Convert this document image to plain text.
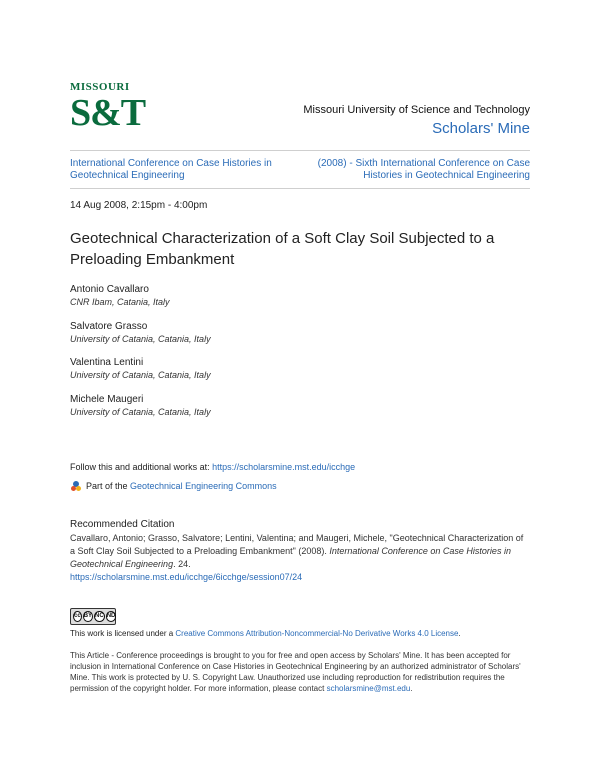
MISSOURI
S&T	Missouri University of Science and Technology
Scholars' Mine
International Conference on Case Histories in Geotechnical Engineering
(2008) - Sixth International Conference on Case Histories in Geotechnical Engineering
14 Aug 2008, 2:15pm - 4:00pm
Geotechnical Characterization of a Soft Clay Soil Subjected to a Preloading Embankment
Antonio Cavallaro
CNR Ibam, Catania, Italy
Salvatore Grasso
University of Catania, Catania, Italy
Valentina Lentini
University of Catania, Catania, Italy
Michele Maugeri
University of Catania, Catania, Italy
Follow this and additional works at: https://scholarsmine.mst.edu/icchge
Part of the Geotechnical Engineering Commons
Recommended Citation
Cavallaro, Antonio; Grasso, Salvatore; Lentini, Valentina; and Maugeri, Michele, "Geotechnical Characterization of a Soft Clay Soil Subjected to a Preloading Embankment" (2008). International Conference on Case Histories in Geotechnical Engineering. 24.
https://scholarsmine.mst.edu/icchge/6icchge/session07/24
cc BY NC ND
This work is licensed under a Creative Commons Attribution-Noncommercial-No Derivative Works 4.0 License.
This Article - Conference proceedings is brought to you for free and open access by Scholars' Mine. It has been accepted for inclusion in International Conference on Case Histories in Geotechnical Engineering by an authorized administrator of Scholars' Mine. This work is protected by U. S. Copyright Law. Unauthorized use including reproduction for redistribution requires the permission of the copyright holder. For more information, please contact scholarsmine@mst.edu.
